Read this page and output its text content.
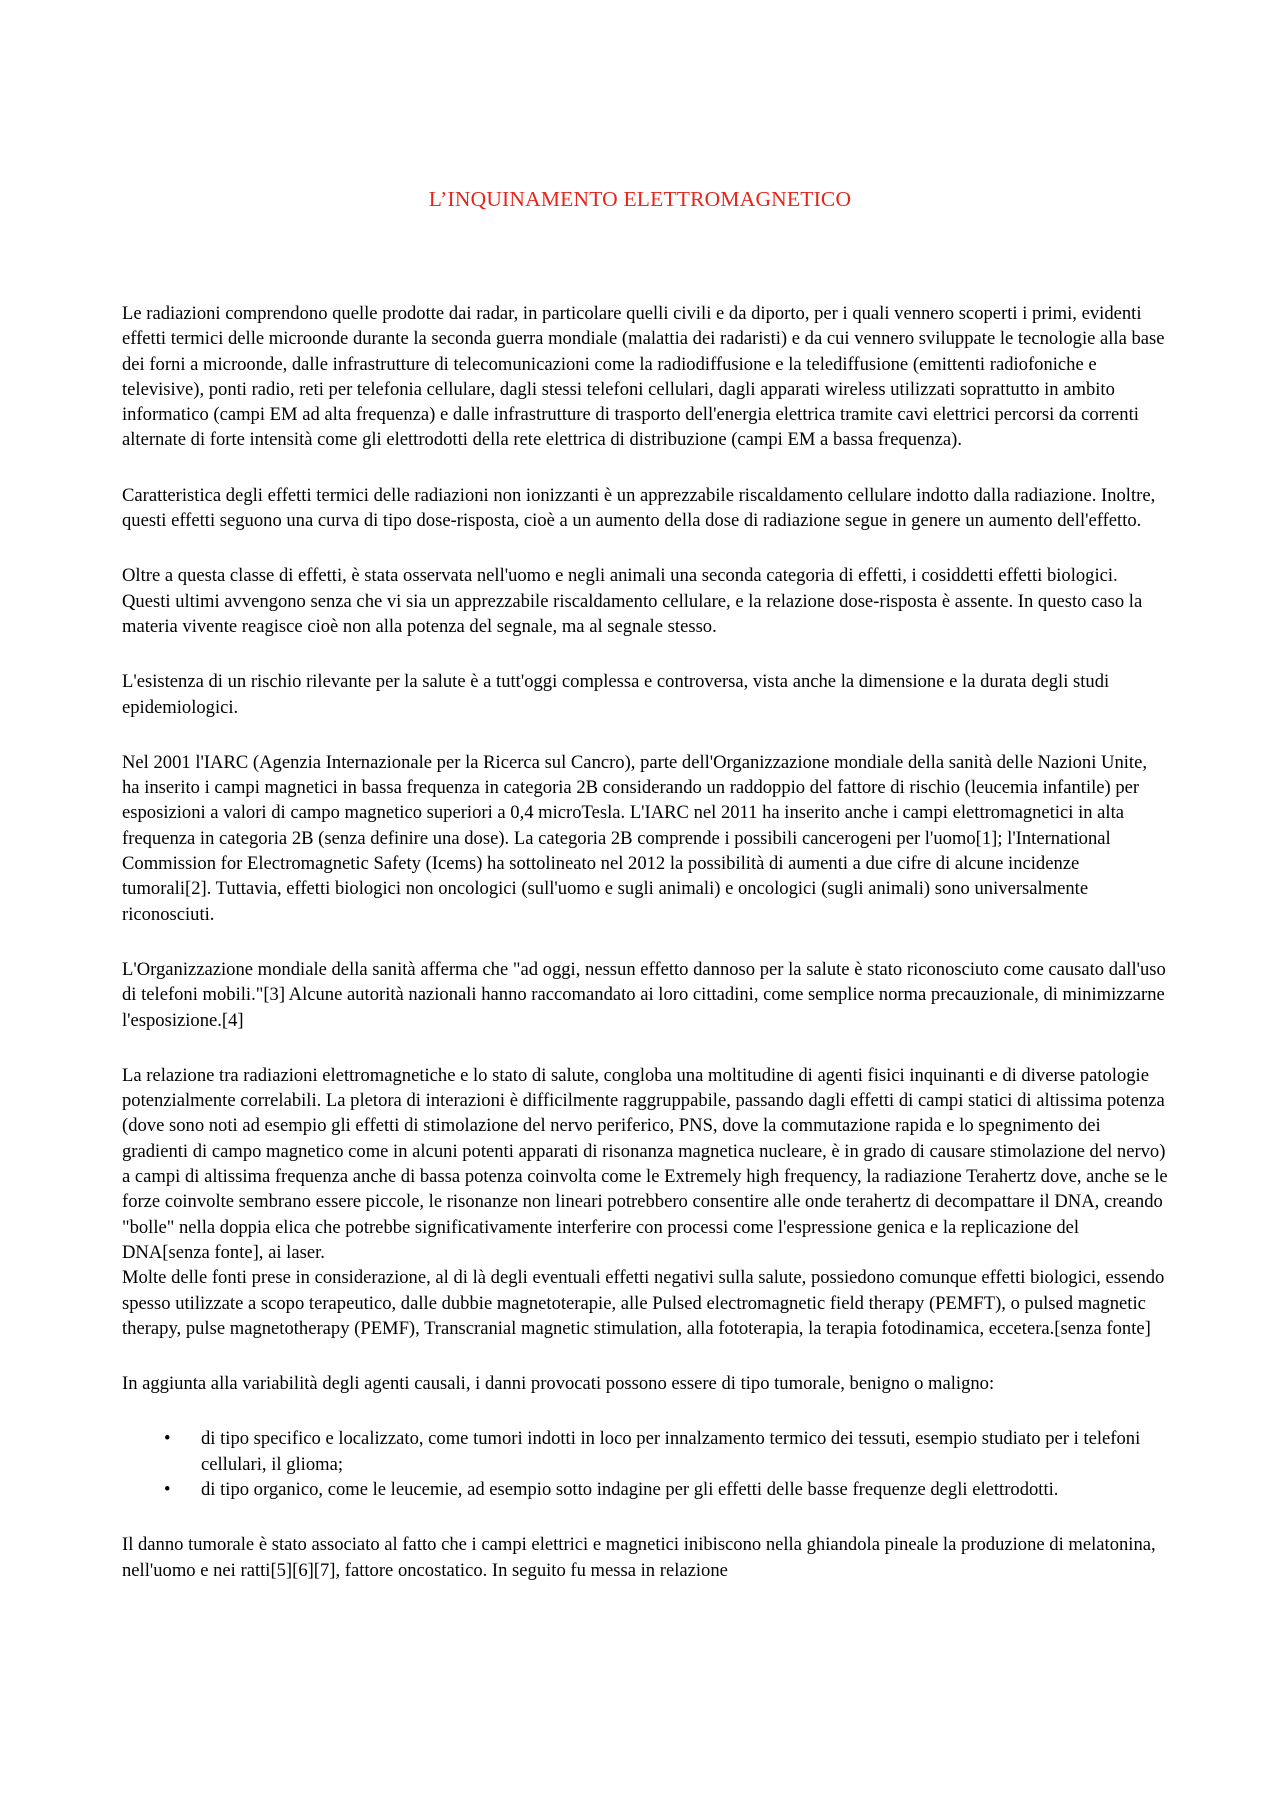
L’INQUINAMENTO ELETTROMAGNETICO

Le radiazioni comprendono quelle prodotte dai radar, in particolare quelli civili e da diporto, per i quali vennero scoperti i primi, evidenti effetti termici delle microonde durante la seconda guerra mondiale (malattia dei radaristi) e da cui vennero sviluppate le tecnologie alla base dei forni a microonde, dalle infrastrutture di telecomunicazioni come la radiodiffusione e la telediffusione (emittenti radiofoniche e televisive), ponti radio, reti per telefonia cellulare, dagli stessi telefoni cellulari, dagli apparati wireless utilizzati soprattutto in ambito informatico (campi EM ad alta frequenza) e dalle infrastrutture di trasporto dell'energia elettrica tramite cavi elettrici percorsi da correnti alternate di forte intensità come gli elettrodotti della rete elettrica di distribuzione (campi EM a bassa frequenza).

Caratteristica degli effetti termici delle radiazioni non ionizzanti è un apprezzabile riscaldamento cellulare indotto dalla radiazione. Inoltre, questi effetti seguono una curva di tipo dose-risposta, cioè a un aumento della dose di radiazione segue in genere un aumento dell'effetto.

Oltre a questa classe di effetti, è stata osservata nell'uomo e negli animali una seconda categoria di effetti, i cosiddetti effetti biologici. Questi ultimi avvengono senza che vi sia un apprezzabile riscaldamento cellulare, e la relazione dose-risposta è assente. In questo caso la materia vivente reagisce cioè non alla potenza del segnale, ma al segnale stesso.

L'esistenza di un rischio rilevante per la salute è a tutt'oggi complessa e controversa, vista anche la dimensione e la durata degli studi epidemiologici.

Nel 2001 l'IARC (Agenzia Internazionale per la Ricerca sul Cancro), parte dell'Organizzazione mondiale della sanità delle Nazioni Unite, ha inserito i campi magnetici in bassa frequenza in categoria 2B considerando un raddoppio del fattore di rischio (leucemia infantile) per esposizioni a valori di campo magnetico superiori a 0,4 microTesla. L'IARC nel 2011 ha inserito anche i campi elettromagnetici in alta frequenza in categoria 2B (senza definire una dose). La categoria 2B comprende i possibili cancerogeni per l'uomo[1]; l'International Commission for Electromagnetic Safety (Icems) ha sottolineato nel 2012 la possibilità di aumenti a due cifre di alcune incidenze tumorali[2]. Tuttavia, effetti biologici non oncologici (sull'uomo e sugli animali) e oncologici (sugli animali) sono universalmente riconosciuti.

L'Organizzazione mondiale della sanità afferma che "ad oggi, nessun effetto dannoso per la salute è stato riconosciuto come causato dall'uso di telefoni mobili."[3] Alcune autorità nazionali hanno raccomandato ai loro cittadini, come semplice norma precauzionale, di minimizzarne l'esposizione.[4]

La relazione tra radiazioni elettromagnetiche e lo stato di salute, congloba una moltitudine di agenti fisici inquinanti e di diverse patologie potenzialmente correlabili. La pletora di interazioni è difficilmente raggruppabile, passando dagli effetti di campi statici di altissima potenza (dove sono noti ad esempio gli effetti di stimolazione del nervo periferico, PNS, dove la commutazione rapida e lo spegnimento dei gradienti di campo magnetico come in alcuni potenti apparati di risonanza magnetica nucleare, è in grado di causare stimolazione del nervo) a campi di altissima frequenza anche di bassa potenza coinvolta come le Extremely high frequency, la radiazione Terahertz dove, anche se le forze coinvolte sembrano essere piccole, le risonanze non lineari potrebbero consentire alle onde terahertz di decompattare il DNA, creando "bolle" nella doppia elica che potrebbe significativamente interferire con processi come l'espressione genica e la replicazione del DNA[senza fonte], ai laser.

Molte delle fonti prese in considerazione, al di là degli eventuali effetti negativi sulla salute, possiedono comunque effetti biologici, essendo spesso utilizzate a scopo terapeutico, dalle dubbie magnetoterapie, alle Pulsed electromagnetic field therapy (PEMFT), o pulsed magnetic therapy, pulse magnetotherapy (PEMF), Transcranial magnetic stimulation, alla fototerapia, la terapia fotodinamica, eccetera.[senza fonte]

In aggiunta alla variabilità degli agenti causali, i danni provocati possono essere di tipo tumorale, benigno o maligno:

• di tipo specifico e localizzato, come tumori indotti in loco per innalzamento termico dei tessuti, esempio studiato per i telefoni cellulari, il glioma;
• di tipo organico, come le leucemie, ad esempio sotto indagine per gli effetti delle basse frequenze degli elettrodotti.

Il danno tumorale è stato associato al fatto che i campi elettrici e magnetici inibiscono nella ghiandola pineale la produzione di melatonina, nell'uomo e nei ratti[5][6][7], fattore oncostatico. In seguito fu messa in relazione
